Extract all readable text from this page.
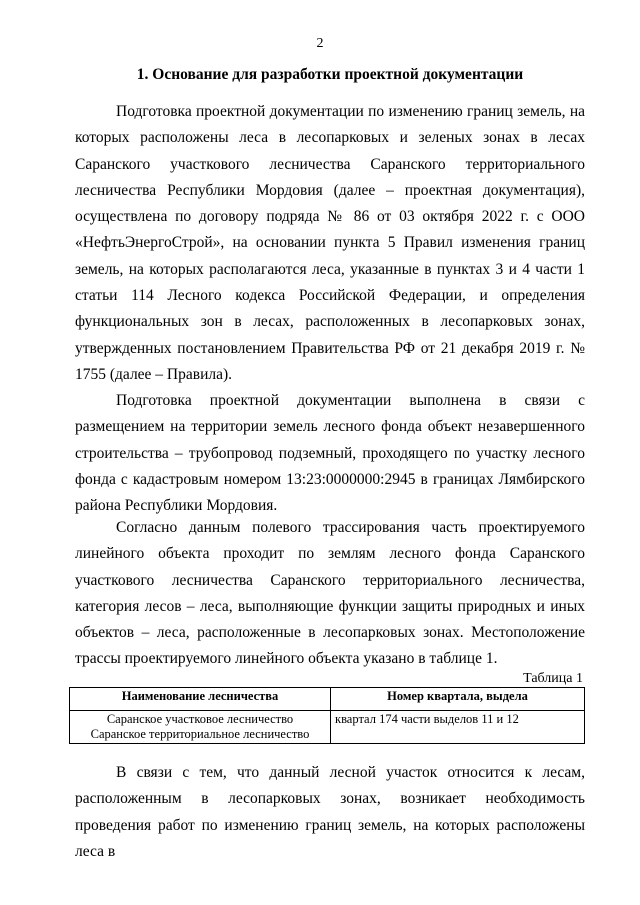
2
1. Основание для разработки проектной документации

Подготовка проектной документации по изменению границ земель, на которых расположены леса в лесопарковых и зеленых зонах в лесах Саранского участкового лесничества Саранского территориального лесничества Республики Мордовия (далее – проектная документация), осуществлена по договору подряда № 86 от 03 октября 2022 г. с ООО «НефтьЭнергоСтрой», на основании пункта 5 Правил изменения границ земель, на которых располагаются леса, указанные в пунктах 3 и 4 части 1 статьи 114 Лесного кодекса Российской Федерации, и определения функциональных зон в лесах, расположенных в лесопарковых зонах, утвержденных постановлением Правительства РФ от 21 декабря 2019 г. № 1755 (далее – Правила).

Подготовка проектной документации выполнена в связи с размещением на территории земель лесного фонда объект незавершенного строительства – трубопровод подземный, проходящего по участку лесного фонда с кадастровым номером 13:23:0000000:2945 в границах Лямбирского района Республики Мордовия.

Согласно данным полевого трассирования часть проектируемого линейного объекта проходит по землям лесного фонда Саранского участкового лесничества Саранского территориального лесничества, категория лесов – леса, выполняющие функции защиты природных и иных объектов – леса, расположенные в лесопарковых зонах. Местоположение трассы проектируемого линейного объекта указано в таблице 1.

Таблица 1
Наименование лесничества	Номер квартала, выдела

Саранское участковое лесничество
Саранское территориальное лесничество	квартал 174 части выделов 11 и 12

В связи с тем, что данный лесной участок относится к лесам, расположенным в лесопарковых зонах, возникает необходимость проведения работ по изменению границ земель, на которых расположены леса в
